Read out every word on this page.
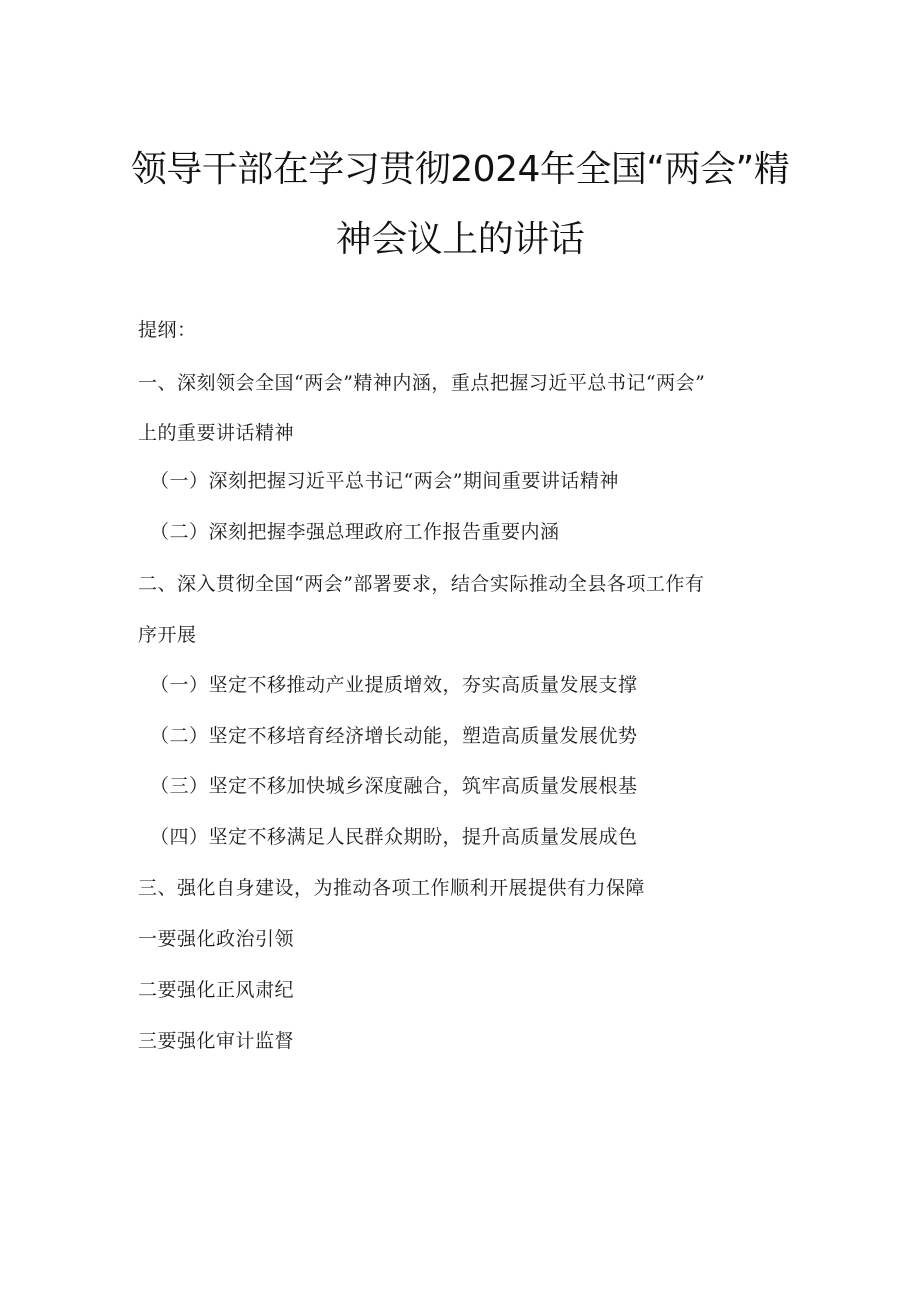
领导干部在学习贯彻2024年全国“两会”精
神会议上的讲话
提纲：
一、深刻领会全国“两会”精神内涵，重点把握习近平总书记“两会”
上的重要讲话精神
（一）深刻把握习近平总书记“两会”期间重要讲话精神
（二）深刻把握李强总理政府工作报告重要内涵
二、深入贯彻全国“两会”部署要求，结合实际推动全县各项工作有
序开展
（一）坚定不移推动产业提质增效，夯实高质量发展支撑
（二）坚定不移培育经济增长动能，塑造高质量发展优势
（三）坚定不移加快城乡深度融合，筑牢高质量发展根基
（四）坚定不移满足人民群众期盼，提升高质量发展成色
三、强化自身建设，为推动各项工作顺利开展提供有力保障
一要强化政治引领
二要强化正风肃纪
三要强化审计监督
